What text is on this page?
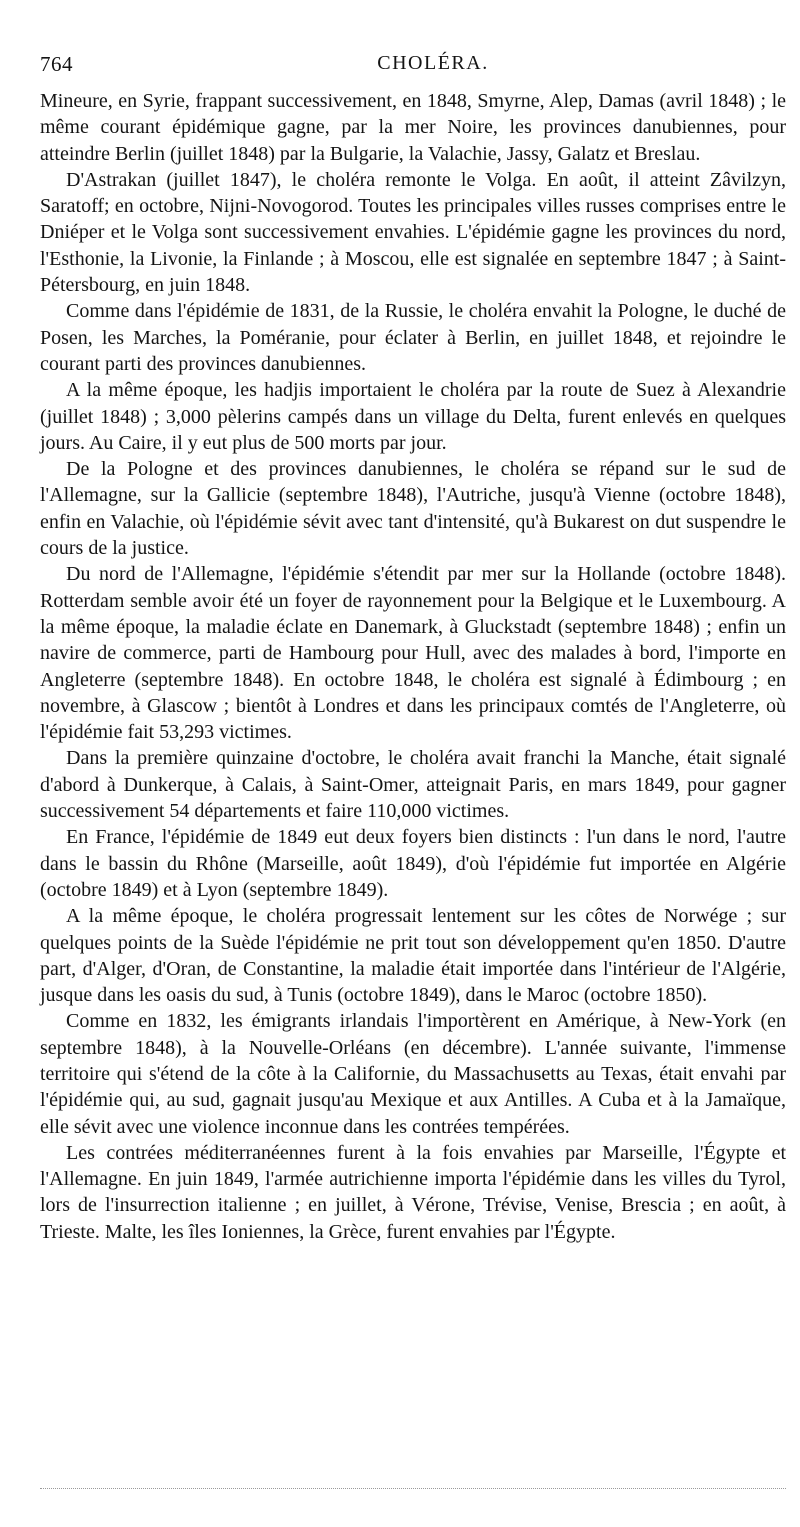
764	CHOLÉRA.

Mineure, en Syrie, frappant successivement, en 1848, Smyrne, Alep, Damas (avril 1848) ; le même courant épidémique gagne, par la mer Noire, les provinces danubiennes, pour atteindre Berlin (juillet 1848) par la Bulgarie, la Valachie, Jassy, Galatz et Breslau.

D'Astrakan (juillet 1847), le choléra remonte le Volga. En août, il atteint Zâvilzyn, Saratoff; en octobre, Nijni-Novogorod. Toutes les principales villes russes comprises entre le Dniéper et le Volga sont successivement envahies. L'épidémie gagne les provinces du nord, l'Esthonie, la Livonie, la Finlande ; à Moscou, elle est signalée en septembre 1847 ; à Saint-Pétersbourg, en juin 1848.

Comme dans l'épidémie de 1831, de la Russie, le choléra envahit la Pologne, le duché de Posen, les Marches, la Poméranie, pour éclater à Berlin, en juillet 1848, et rejoindre le courant parti des provinces danubiennes.

A la même époque, les hadjis importaient le choléra par la route de Suez à Alexandrie (juillet 1848) ; 3,000 pèlerins campés dans un village du Delta, furent enlevés en quelques jours. Au Caire, il y eut plus de 500 morts par jour.

De la Pologne et des provinces danubiennes, le choléra se répand sur le sud de l'Allemagne, sur la Gallicie (septembre 1848), l'Autriche, jusqu'à Vienne (octobre 1848), enfin en Valachie, où l'épidémie sévit avec tant d'intensité, qu'à Bukarest on dut suspendre le cours de la justice.

Du nord de l'Allemagne, l'épidémie s'étendit par mer sur la Hollande (octobre 1848). Rotterdam semble avoir été un foyer de rayonnement pour la Belgique et le Luxembourg. A la même époque, la maladie éclate en Danemark, à Gluckstadt (septembre 1848) ; enfin un navire de commerce, parti de Hambourg pour Hull, avec des malades à bord, l'importe en Angleterre (septembre 1848). En octobre 1848, le choléra est signalé à Édimbourg ; en novembre, à Glascow ; bientôt à Londres et dans les principaux comtés de l'Angleterre, où l'épidémie fait 53,293 victimes.

Dans la première quinzaine d'octobre, le choléra avait franchi la Manche, était signalé d'abord à Dunkerque, à Calais, à Saint-Omer, atteignait Paris, en mars 1849, pour gagner successivement 54 départements et faire 110,000 victimes.

En France, l'épidémie de 1849 eut deux foyers bien distincts : l'un dans le nord, l'autre dans le bassin du Rhône (Marseille, août 1849), d'où l'épidémie fut importée en Algérie (octobre 1849) et à Lyon (septembre 1849).

A la même époque, le choléra progressait lentement sur les côtes de Norwége ; sur quelques points de la Suède l'épidémie ne prit tout son développement qu'en 1850. D'autre part, d'Alger, d'Oran, de Constantine, la maladie était importée dans l'intérieur de l'Algérie, jusque dans les oasis du sud, à Tunis (octobre 1849), dans le Maroc (octobre 1850).

Comme en 1832, les émigrants irlandais l'importèrent en Amérique, à New-York (en septembre 1848), à la Nouvelle-Orléans (en décembre). L'année suivante, l'immense territoire qui s'étend de la côte à la Californie, du Massachusetts au Texas, était envahi par l'épidémie qui, au sud, gagnait jusqu'au Mexique et aux Antilles. A Cuba et à la Jamaïque, elle sévit avec une violence inconnue dans les contrées tempérées.

Les contrées méditerranéennes furent à la fois envahies par Marseille, l'Égypte et l'Allemagne. En juin 1849, l'armée autrichienne importa l'épidémie dans les villes du Tyrol, lors de l'insurrection italienne ; en juillet, à Vérone, Trévise, Venise, Brescia ; en août, à Trieste. Malte, les îles Ioniennes, la Grèce, furent envahies par l'Égypte.
